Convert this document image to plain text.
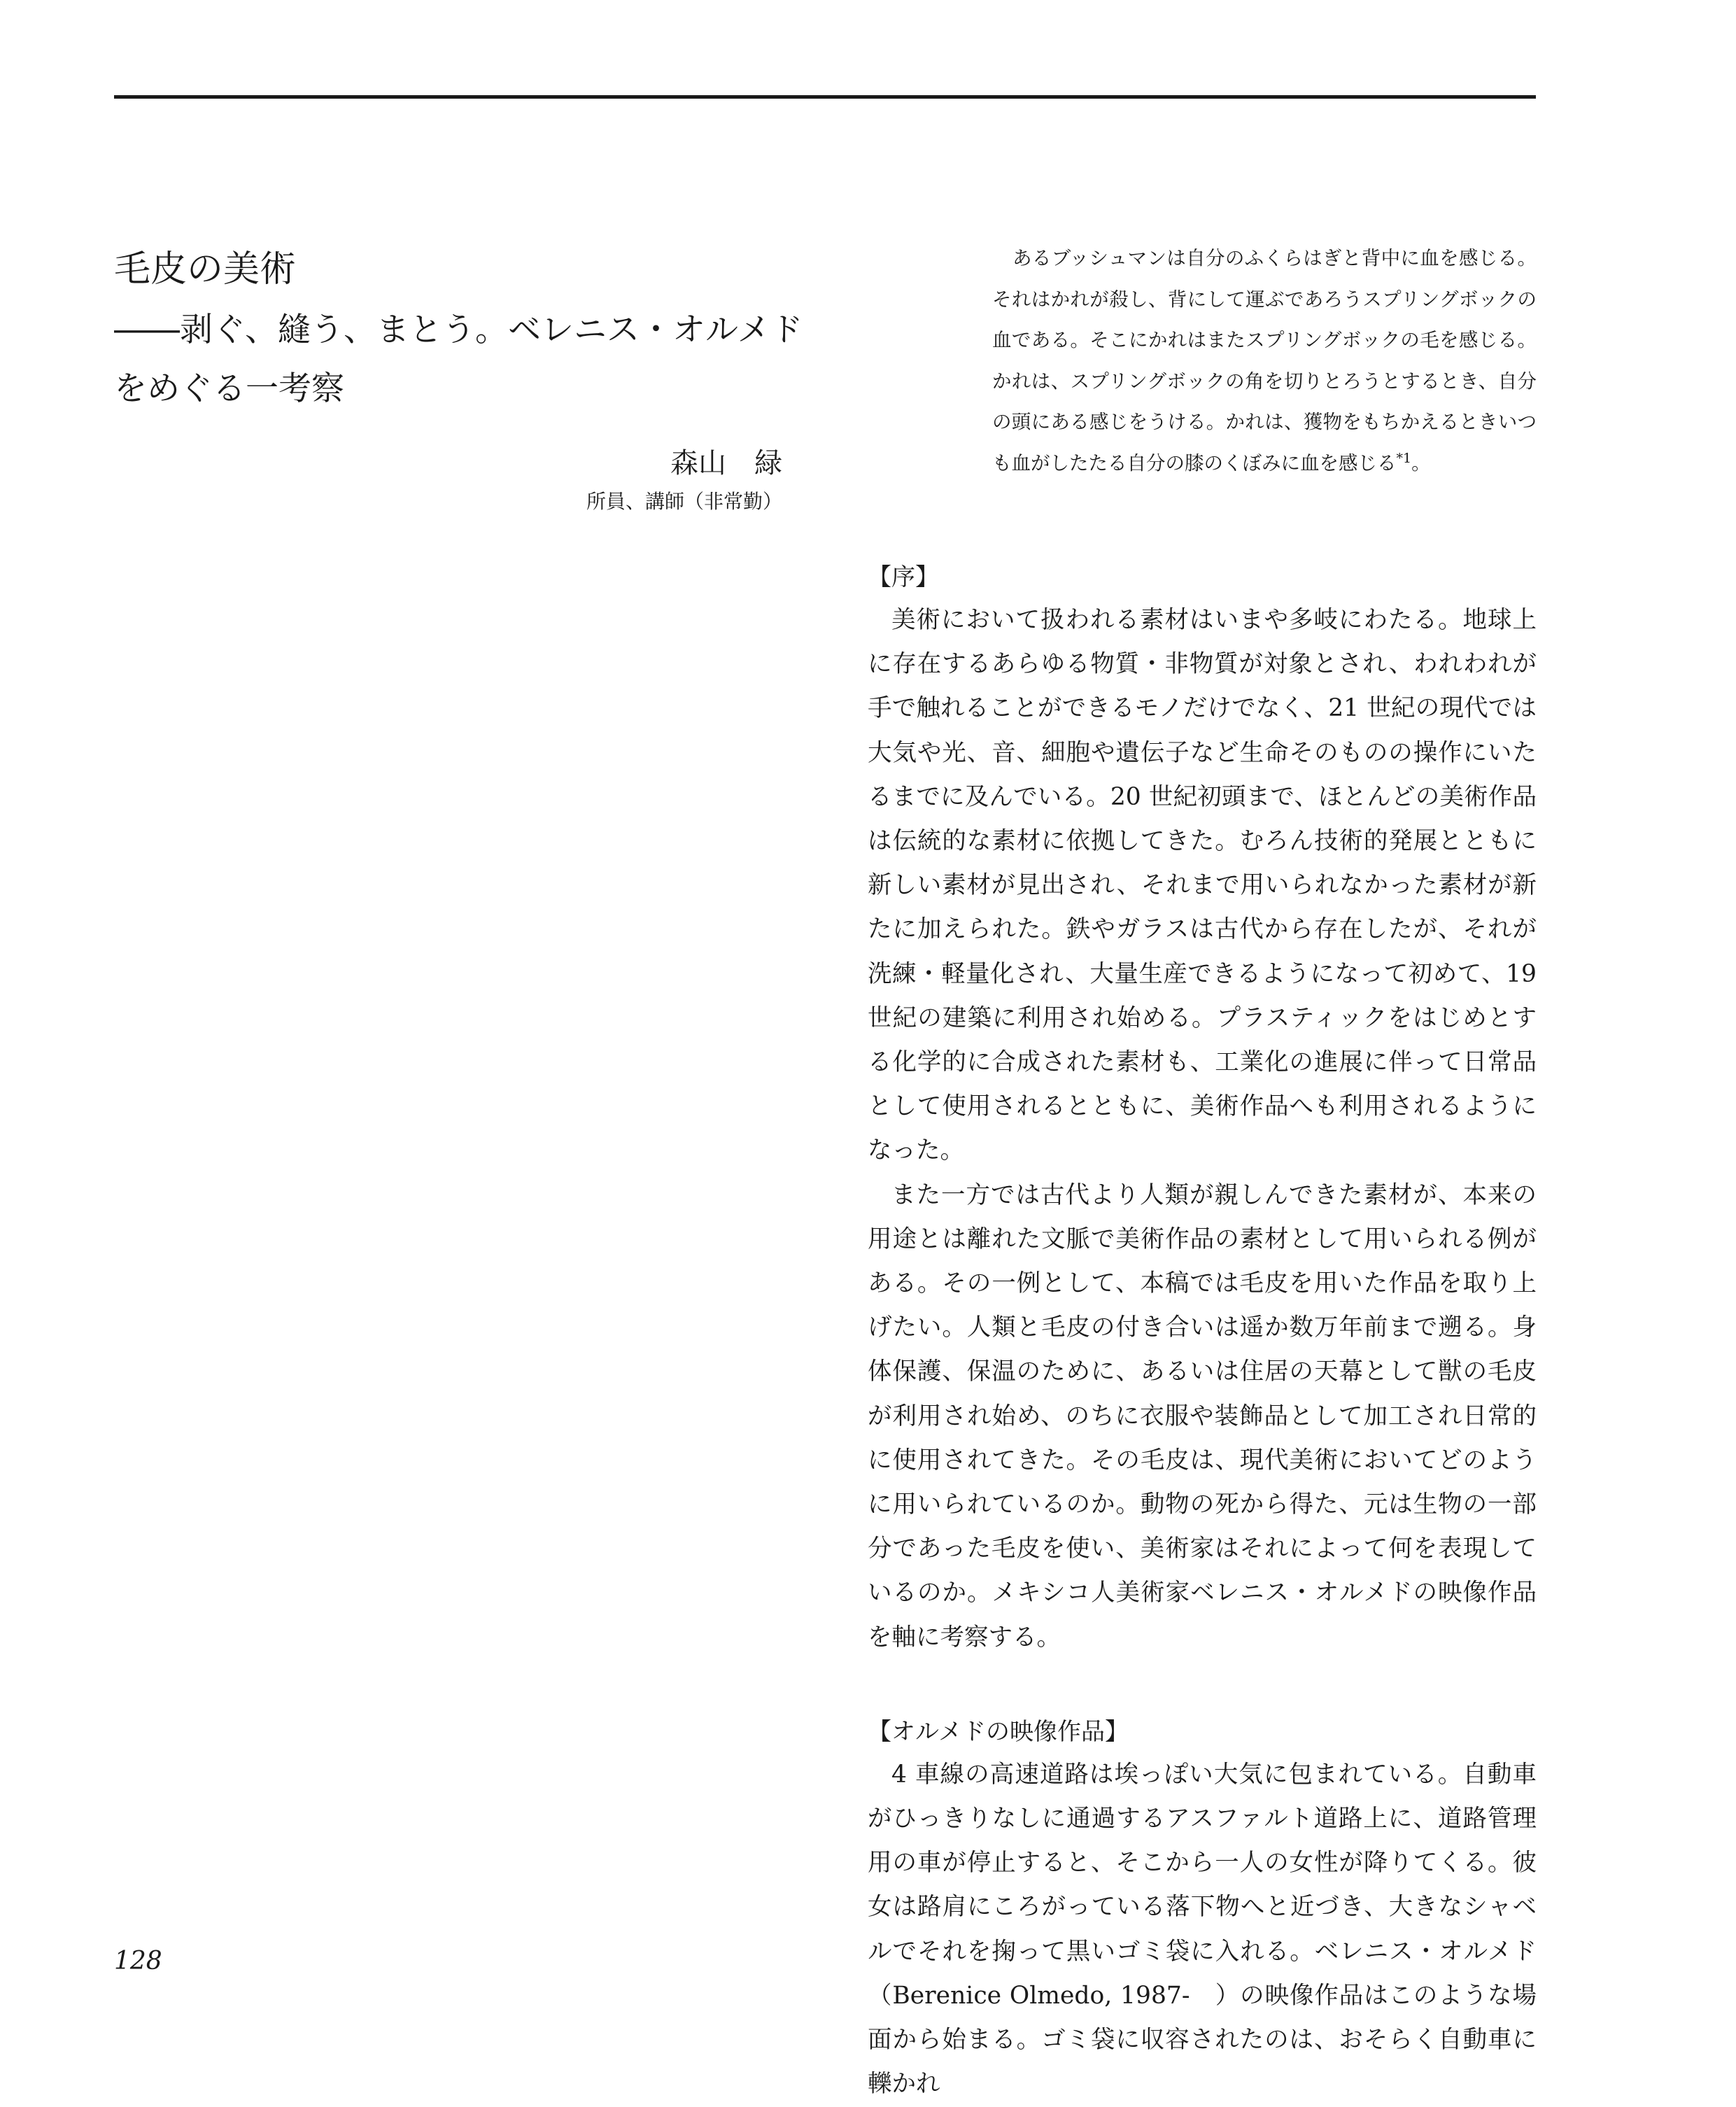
毛皮の美術
――剥ぐ、縫う、まとう。ベレニス・オルメドをめぐる一考察
森山　緑
所員、講師（非常勤）

あるブッシュマンは自分のふくらはぎと背中に血を感じる。それはかれが殺し、背にして運ぶであろうスプリングボックの血である。そこにかれはまたスプリングボックの毛を感じる。かれは、スプリングボックの角を切りとろうとするとき、自分の頭にある感じをうける。かれは、獲物をもちかえるときいつも血がしたたる自分の膝のくぼみに血を感じる$^{*1}$。

【序】

美術において扱われる素材はいまや多岐にわたる。地球上に存在するあらゆる物質・非物質が対象とされ、われわれが手で触れることができるモノだけでなく、21 世紀の現代では大気や光、音、細胞や遺伝子など生命そのものの操作にいたるまでに及んでいる。20 世紀初頭まで、ほとんどの美術作品は伝統的な素材に依拠してきた。むろん技術的発展とともに新しい素材が見出され、それまで用いられなかった素材が新たに加えられた。鉄やガラスは古代から存在したが、それが洗練・軽量化され、大量生産できるようになって初めて、19 世紀の建築に利用され始める。プラスティックをはじめとする化学的に合成された素材も、工業化の進展に伴って日常品として使用されるとともに、美術作品へも利用されるようになった。

また一方では古代より人類が親しんできた素材が、本来の用途とは離れた文脈で美術作品の素材として用いられる例がある。その一例として、本稿では毛皮を用いた作品を取り上げたい。人類と毛皮の付き合いは遥か数万年前まで遡る。身体保護、保温のために、あるいは住居の天幕として獣の毛皮が利用され始め、のちに衣服や装飾品として加工され日常的に使用されてきた。その毛皮は、現代美術においてどのように用いられているのか。動物の死から得た、元は生物の一部分であった毛皮を使い、美術家はそれによって何を表現しているのか。メキシコ人美術家ベレニス・オルメドの映像作品を軸に考察する。

【オルメドの映像作品】

4 車線の高速道路は埃っぽい大気に包まれている。自動車がひっきりなしに通過するアスファルト道路上に、道路管理用の車が停止すると、そこから一人の女性が降りてくる。彼女は路肩にころがっている落下物へと近づき、大きなシャベルでそれを掬って黒いゴミ袋に入れる。ベレニス・オルメド（Berenice Olmedo, 1987-　）の映像作品はこのような場面から始まる。ゴミ袋に収容されたのは、おそらく自動車に轢かれ

128
